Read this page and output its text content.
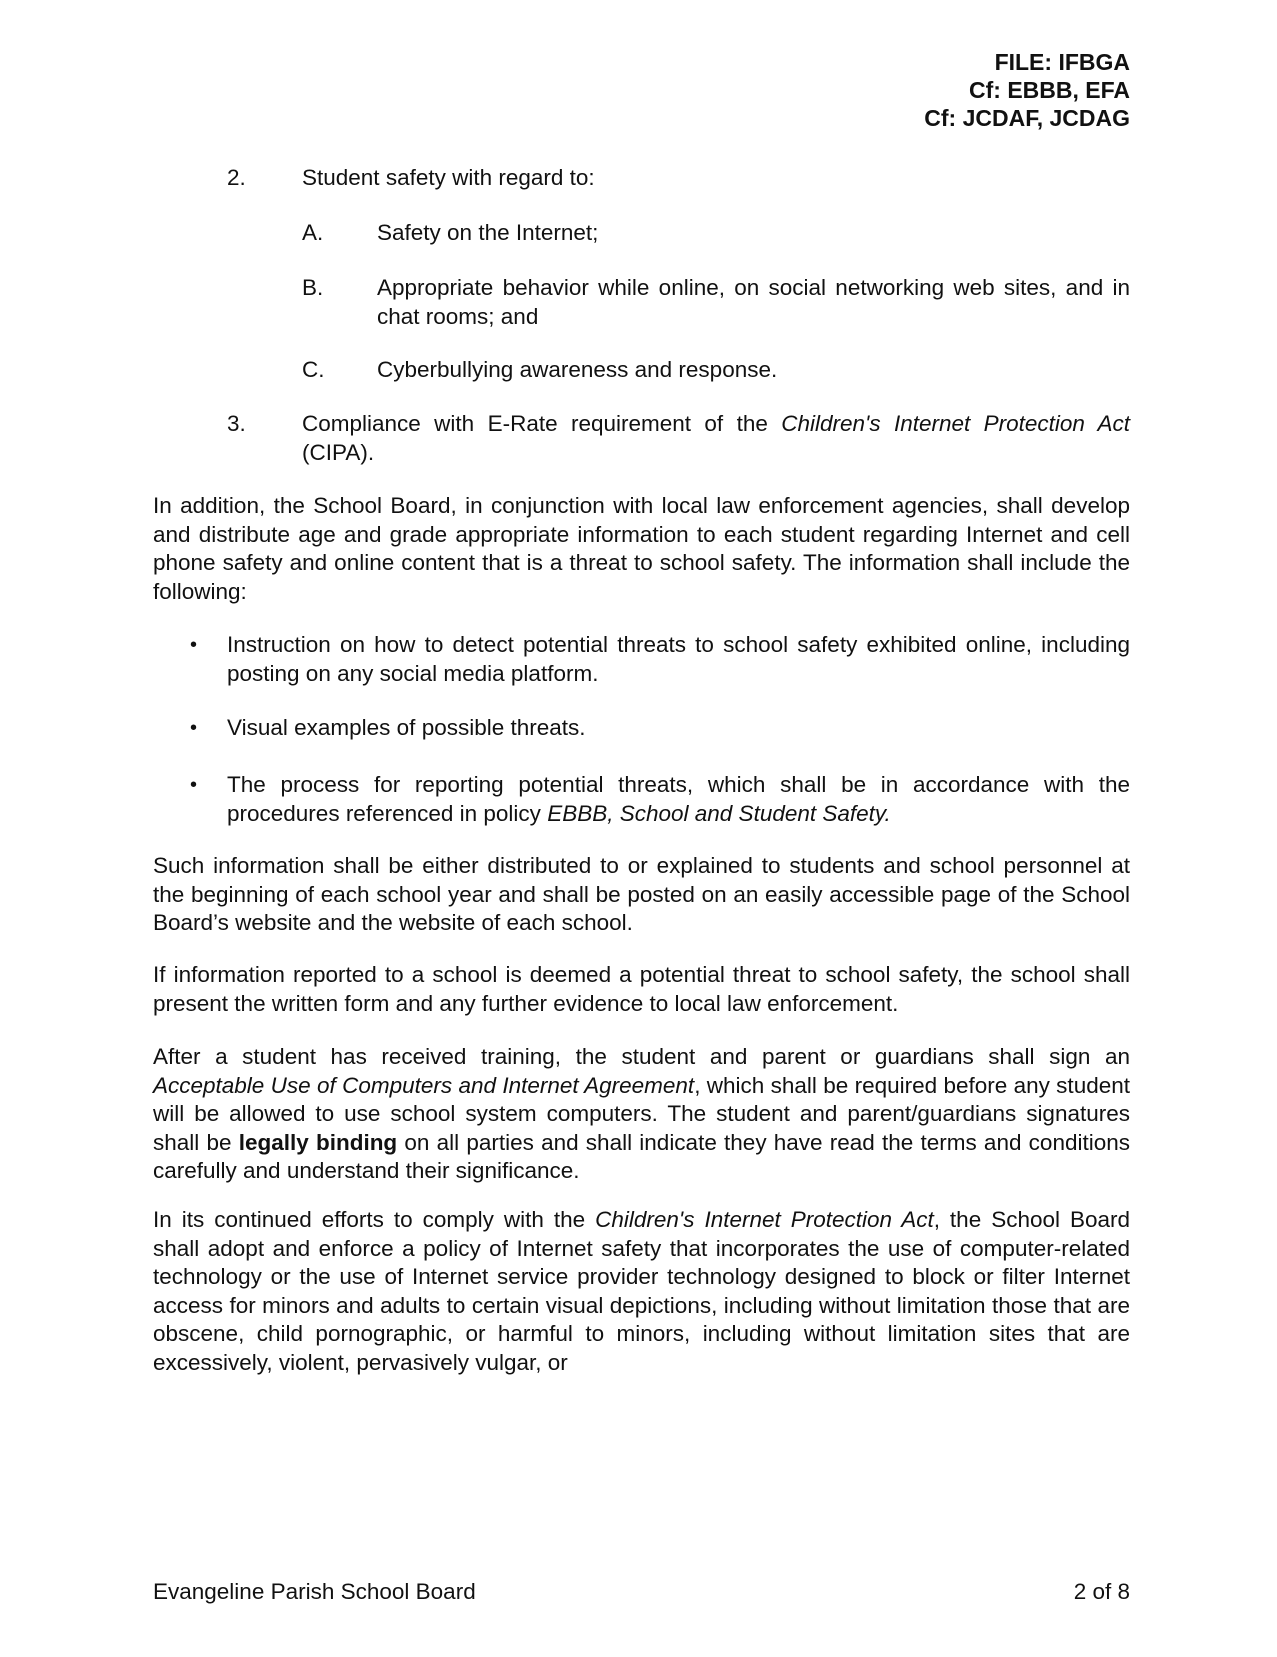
FILE: IFBGA
Cf: EBBB, EFA
Cf: JCDAF, JCDAG
2. Student safety with regard to:
A. Safety on the Internet;
B. Appropriate behavior while online, on social networking web sites, and in chat rooms; and
C. Cyberbullying awareness and response.
3. Compliance with E-Rate requirement of the Children's Internet Protection Act (CIPA).
In addition, the School Board, in conjunction with local law enforcement agencies, shall develop and distribute age and grade appropriate information to each student regarding Internet and cell phone safety and online content that is a threat to school safety. The information shall include the following:
• Instruction on how to detect potential threats to school safety exhibited online, including posting on any social media platform.
• Visual examples of possible threats.
• The process for reporting potential threats, which shall be in accordance with the procedures referenced in policy EBBB, School and Student Safety.
Such information shall be either distributed to or explained to students and school personnel at the beginning of each school year and shall be posted on an easily accessible page of the School Board’s website and the website of each school.
If information reported to a school is deemed a potential threat to school safety, the school shall present the written form and any further evidence to local law enforcement.
After a student has received training, the student and parent or guardians shall sign an Acceptable Use of Computers and Internet Agreement, which shall be required before any student will be allowed to use school system computers. The student and parent/guardians signatures shall be legally binding on all parties and shall indicate they have read the terms and conditions carefully and understand their significance.
In its continued efforts to comply with the Children's Internet Protection Act, the School Board shall adopt and enforce a policy of Internet safety that incorporates the use of computer-related technology or the use of Internet service provider technology designed to block or filter Internet access for minors and adults to certain visual depictions, including without limitation those that are obscene, child pornographic, or harmful to minors, including without limitation sites that are excessively, violent, pervasively vulgar, or
Evangeline Parish School Board	2 of 8
